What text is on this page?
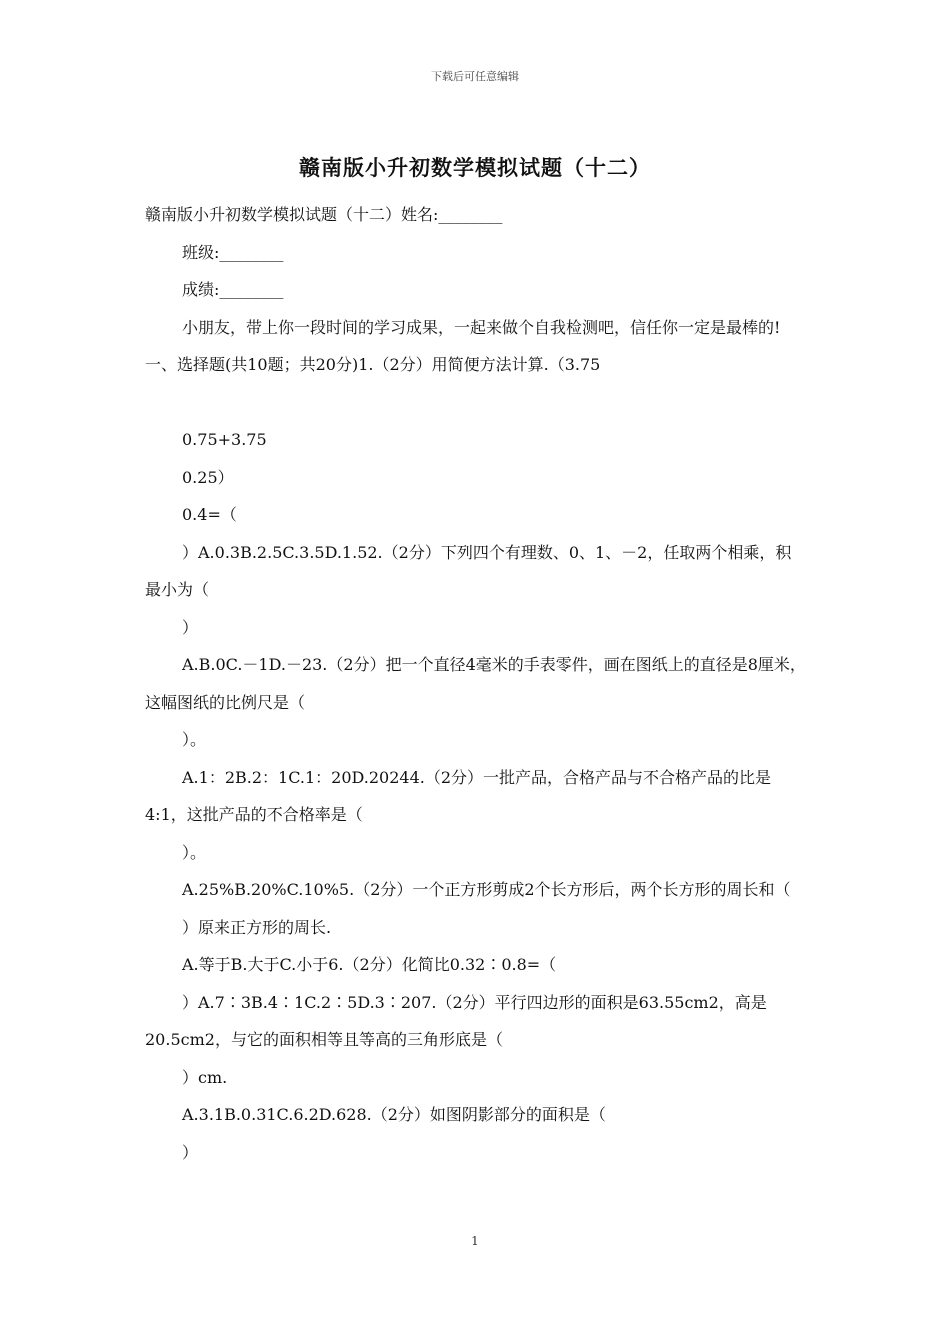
下载后可任意编辑
赣南版小升初数学模拟试题（十二）

赣南版小升初数学模拟试题（十二）姓名:________

班级:________

成绩:________

小朋友，带上你一段时间的学习成果，一起来做个自我检测吧，信任你一定是最棒的!一、选择题(共10题；共20分)1.（2分）用简便方法计算.（3.75

0.75+3.75

0.25）

0.4=（

）A.0.3B.2.5C.3.5D.1.52.（2分）下列四个有理数、0、1、－2，任取两个相乘，积最小为（

）

A.B.0C.－1D.－23.（2分）把一个直径4毫米的手表零件，画在图纸上的直径是8厘米，这幅图纸的比例尺是（

）。

A.1：2B.2：1C.1：20D.20244.（2分）一批产品，合格产品与不合格产品的比是4:1，这批产品的不合格率是（

）。

A.25%B.20%C.10%5.（2分）一个正方形剪成2个长方形后，两个长方形的周长和（

）原来正方形的周长.

A.等于B.大于C.小于6.（2分）化简比0.32∶0.8=（

）A.7∶3B.4∶1C.2∶5D.3∶207.（2分）平行四边形的面积是63.55cm2，高是20.5cm2，与它的面积相等且等高的三角形底是（

）cm.

A.3.1B.0.31C.6.2D.628.（2分）如图阴影部分的面积是（

）

1
